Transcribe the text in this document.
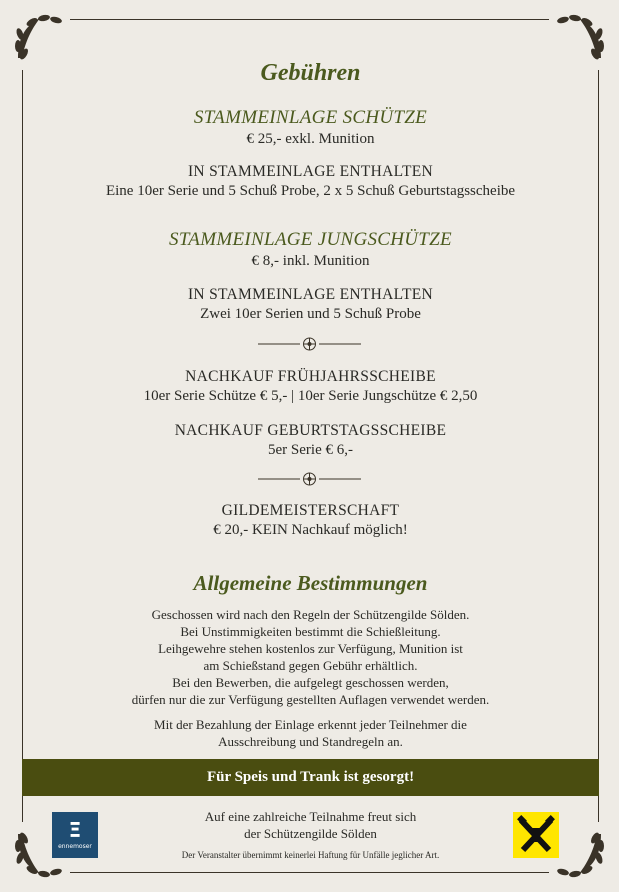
Gebühren
STAMMEINLAGE SCHÜTZE
€ 25,- exkl. Munition
IN STAMMEINLAGE ENTHALTEN
Eine 10er Serie und 5 Schuß Probe, 2 x 5 Schuß Geburtstagsscheibe
STAMMEINLAGE JUNGSCHÜTZE
€ 8,- inkl. Munition
IN STAMMEINLAGE ENTHALTEN
Zwei 10er Serien und 5 Schuß Probe
NACHKAUF FRÜHJAHRSSCHEIBE
10er Serie Schütze € 5,- | 10er Serie Jungschütze € 2,50
NACHKAUF GEBURTSTAGSSCHEIBE
5er Serie € 6,-
GILDEMEISTERSCHAFT
€ 20,- KEIN Nachkauf möglich!
Allgemeine Bestimmungen
Geschossen wird nach den Regeln der Schützengilde Sölden.
Bei Unstimmigkeiten bestimmt die Schießleitung.
Leihgewehre stehen kostenlos zur Verfügung, Munition ist
am Schießstand gegen Gebühr erhältlich.
Bei den Bewerben, die aufgelegt geschossen werden,
dürfen nur die zur Verfügung gestellten Auflagen verwendet werden.
Mit der Bezahlung der Einlage erkennt jeder Teilnehmer die
Ausschreibung und Standregeln an.
Für Speis und Trank ist gesorgt!
Ξ
ennemoser
Auf eine zahlreiche Teilnahme freut sich
der Schützengilde Sölden
Der Veranstalter übernimmt keinerlei Haftung für Unfälle jeglicher Art.
